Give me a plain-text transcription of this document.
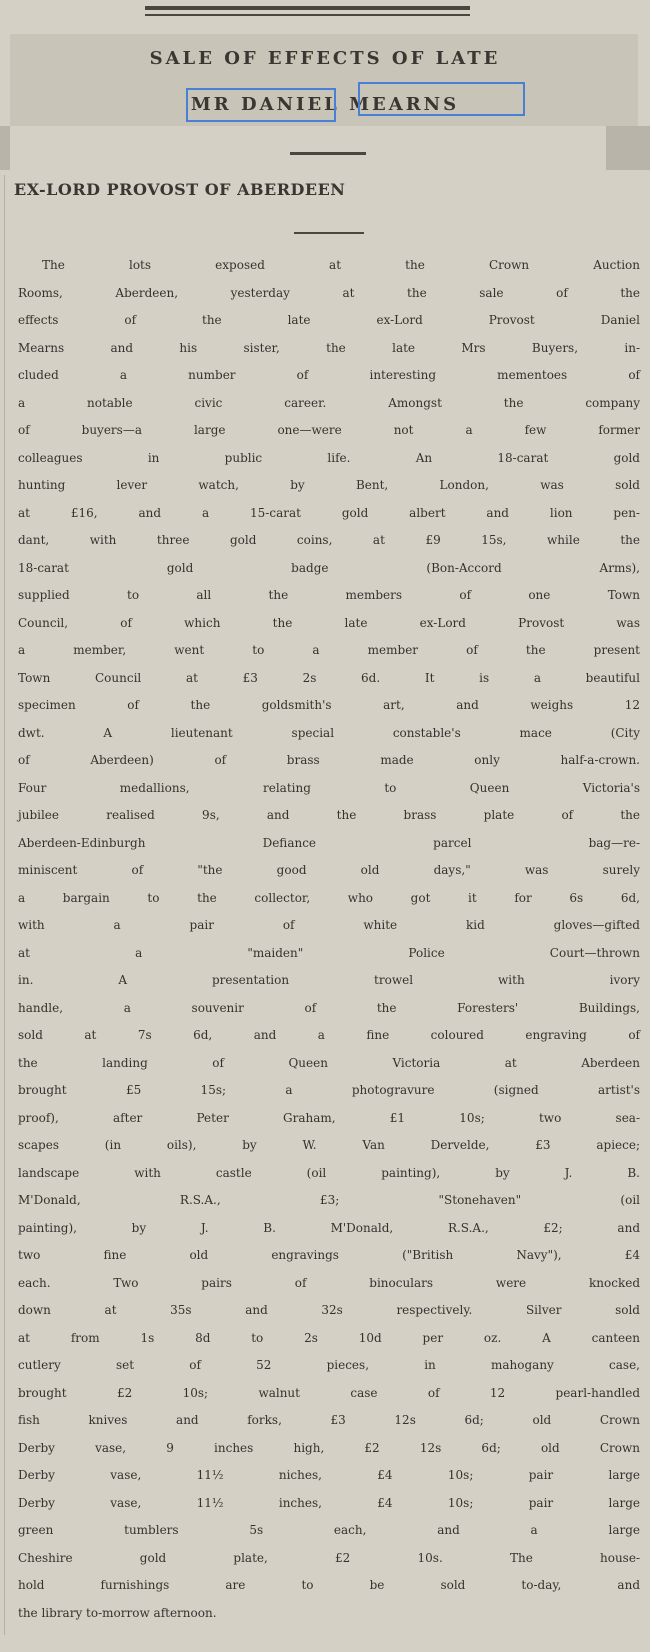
SALE OF EFFECTS OF LATE
MR DANIEL MEARNS
EX-LORD PROVOST OF ABERDEEN
The lots exposed at the Crown Auction
Rooms, Aberdeen, yesterday at the sale of the
effects of the late ex-Lord Provost Daniel
Mearns and his sister, the late Mrs Buyers, in-
cluded a number of interesting mementoes of
a notable civic career. Amongst the company
of buyers—a large one—were not a few former
colleagues in public life. An 18-carat gold
hunting lever watch, by Bent, London, was sold
at £16, and a 15-carat gold albert and lion pen-
dant, with three gold coins, at £9 15s, while the
18-carat gold badge (Bon-Accord Arms),
supplied to all the members of one Town
Council, of which the late ex-Lord Provost was
a member, went to a member of the present
Town Council at £3 2s 6d. It is a beautiful
specimen of the goldsmith's art, and weighs 12
dwt. A lieutenant special constable's mace (City
of Aberdeen) of brass made only half-a-crown.
Four medallions, relating to Queen Victoria's
jubilee realised 9s, and the brass plate of the
Aberdeen-Edinburgh Defiance parcel bag—re-
miniscent of "the good old days," was surely
a bargain to the collector, who got it for 6s 6d,
with a pair of white kid gloves—gifted
at a "maiden" Police Court—thrown
in. A presentation trowel with ivory
handle, a souvenir of the Foresters' Buildings,
sold at 7s 6d, and a fine coloured engraving of
the landing of Queen Victoria at Aberdeen
brought £5 15s; a photogravure (signed artist's
proof), after Peter Graham, £1 10s; two sea-
scapes (in oils), by W. Van Dervelde, £3 apiece;
landscape with castle (oil painting), by J. B.
M'Donald, R.S.A., £3; "Stonehaven" (oil
painting), by J. B. M'Donald, R.S.A., £2; and
two fine old engravings ("British Navy"), £4
each. Two pairs of binoculars were knocked
down at 35s and 32s respectively. Silver sold
at from 1s 8d to 2s 10d per oz. A canteen
cutlery set of 52 pieces, in mahogany case,
brought £2 10s; walnut case of 12 pearl-handled
fish knives and forks, £3 12s 6d; old Crown
Derby vase, 9 inches high, £2 12s 6d; old Crown
Derby vase, 11½ niches, £4 10s; pair large
Derby vase, 11½ inches, £4 10s; pair large
green tumblers 5s each, and a large
Cheshire gold plate, £2 10s. The house-
hold furnishings are to be sold to-day, and
the library to-morrow afternoon.
